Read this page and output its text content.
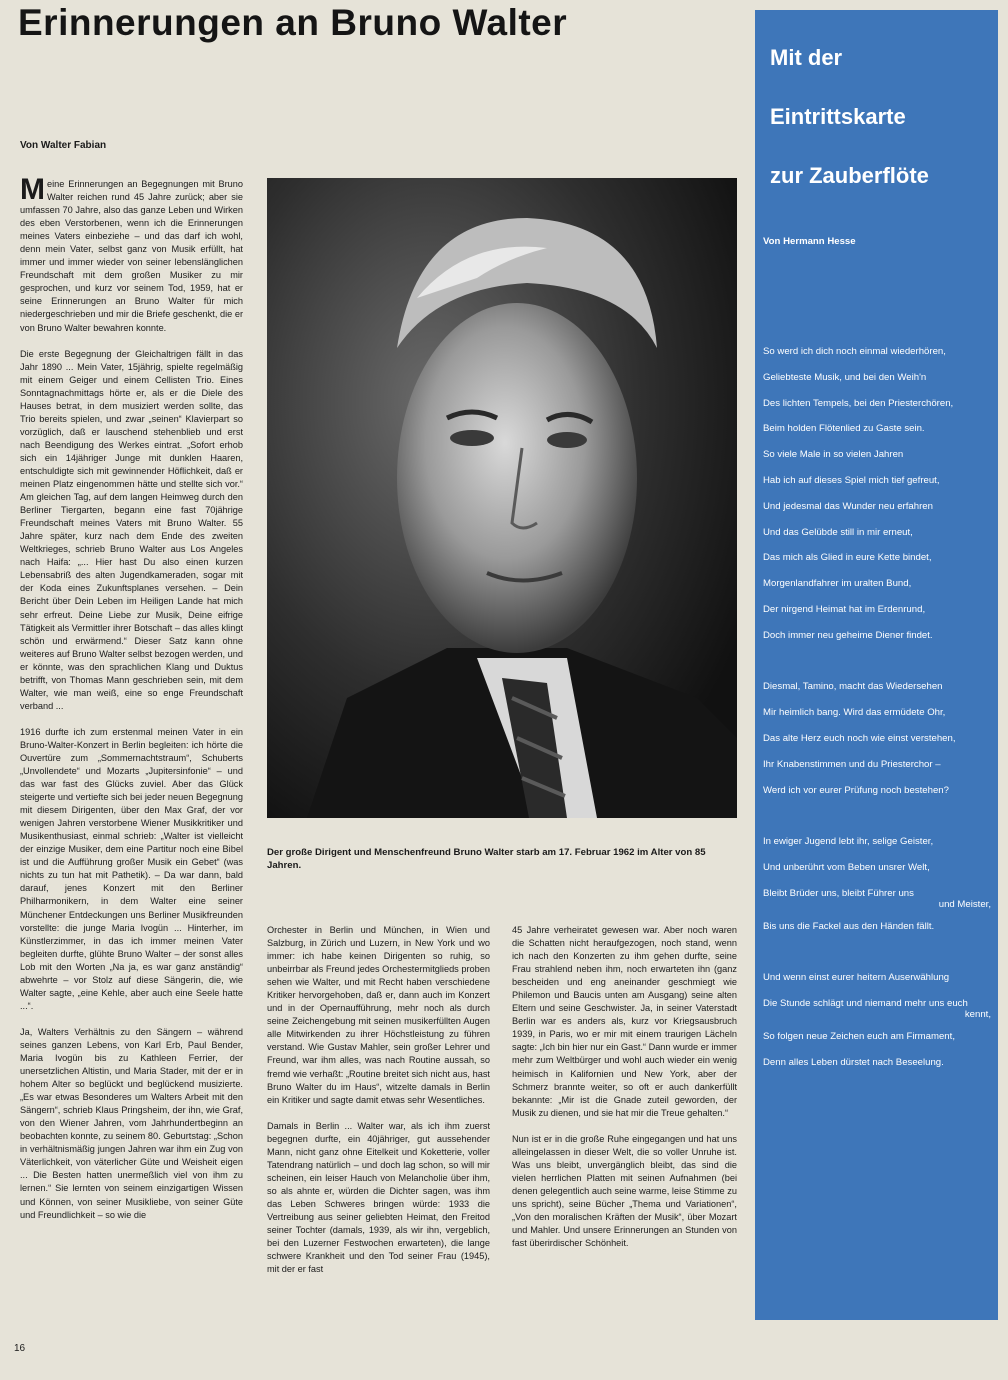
Erinnerungen an Bruno Walter
Von Walter Fabian

Meine Erinnerungen an Begegnungen mit Bruno Walter reichen rund 45 Jahre zurück; aber sie umfassen 70 Jahre, also das ganze Leben und Wirken des eben Verstorbenen, wenn ich die Erinnerungen meines Vaters einbeziehe – und das darf ich wohl, denn mein Vater, selbst ganz von Musik erfüllt, hat immer und immer wieder von seiner lebenslänglichen Freundschaft mit dem großen Musiker zu mir gesprochen, und kurz vor seinem Tod, 1959, hat er seine Erinnerungen an Bruno Walter für mich niedergeschrieben und mir die Briefe geschenkt, die er von Bruno Walter bewahren konnte.

Die erste Begegnung der Gleichaltrigen fällt in das Jahr 1890 ... Mein Vater, 15jährig, spielte regelmäßig mit einem Geiger und einem Cellisten Trio. Eines Sonntagnachmittags hörte er, als er die Diele des Hauses betrat, in dem musiziert werden sollte, das Trio bereits spielen, und zwar „seinen“ Klavierpart so vorzüglich, daß er lauschend stehenblieb und erst nach Beendigung des Werkes eintrat. „Sofort erhob sich ein 14jähriger Junge mit dunklen Haaren, entschuldigte sich mit gewinnender Höflichkeit, daß er meinen Platz eingenommen hätte und stellte sich vor.“ Am gleichen Tag, auf dem langen Heimweg durch den Berliner Tiergarten, begann eine fast 70jährige Freundschaft meines Vaters mit Bruno Walter. 55 Jahre später, kurz nach dem Ende des zweiten Weltkrieges, schrieb Bruno Walter aus Los Angeles nach Haifa: „... Hier hast Du also einen kurzen Lebensabriß des alten Jugendkameraden, sogar mit der Koda eines Zukunftsplanes versehen. – Dein Bericht über Dein Leben im Heiligen Lande hat mich sehr erfreut. Deine Liebe zur Musik, Deine eifrige Tätigkeit als Vermittler ihrer Botschaft – das alles klingt schön und erwärmend.“ Dieser Satz kann ohne weiteres auf Bruno Walter selbst bezogen werden, und er könnte, was den sprachlichen Klang und Duktus betrifft, von Thomas Mann geschrieben sein, mit dem Walter, wie man weiß, eine so enge Freundschaft verband ...

1916 durfte ich zum erstenmal meinen Vater in ein Bruno-Walter-Konzert in Berlin begleiten: ich hörte die Ouvertüre zum „Sommernachtstraum“, Schuberts „Unvollendete“ und Mozarts „Jupitersinfonie“ – und das war fast des Glücks zuviel. Aber das Glück steigerte und vertiefte sich bei jeder neuen Begegnung mit diesem Dirigenten, über den Max Graf, der vor wenigen Jahren verstorbene Wiener Musikkritiker und Musikenthusiast, einmal schrieb: „Walter ist vielleicht der einzige Musiker, dem eine Partitur noch eine Bibel ist und die Aufführung großer Musik ein Gebet“ (was nichts zu tun hat mit Pathetik). – Da war dann, bald darauf, jenes Konzert mit den Berliner Philharmonikern, in dem Walter eine seiner Münchener Entdeckungen uns Berliner Musikfreunden vorstellte: die junge Maria Ivogün ... Hinterher, im Künstlerzimmer, in das ich immer meinen Vater begleiten durfte, glühte Bruno Walter – der sonst alles Lob mit den Worten „Na ja, es war ganz anständig“ abwehrte – vor Stolz auf diese Sängerin, die, wie Walter sagte, „eine Kehle, aber auch eine Seele hatte ...“.

Ja, Walters Verhältnis zu den Sängern – während seines ganzen Lebens, von Karl Erb, Paul Bender, Maria Ivogün bis zu Kathleen Ferrier, der unersetzlichen Altistin, und Maria Stader, mit der er in hohem Alter so beglückt und beglückend musizierte. „Es war etwas Besonderes um Walters Arbeit mit den Sängern“, schrieb Klaus Pringsheim, der ihn, wie Graf, von den Wiener Jahren, vom Jahrhundertbeginn an beobachten konnte, zu seinem 80. Geburtstag: „Schon in verhältnismäßig jungen Jahren war ihm ein Zug von Väterlichkeit, von väterlicher Güte und Weisheit eigen ... Die Besten hatten unermeßlich viel von ihm zu lernen.“ Sie lernten von seinem einzigartigen Wissen und Können, von seiner Musikliebe, von seiner Güte und Freundlichkeit – so wie die

Der große Dirigent und Menschenfreund Bruno Walter starb am 17. Februar 1962 im Alter von 85 Jahren.

Orchester in Berlin und München, in Wien und Salzburg, in Zürich und Luzern, in New York und wo immer: ich habe keinen Dirigenten so ruhig, so unbeirrbar als Freund jedes Orchestermitglieds proben sehen wie Walter, und mit Recht haben verschiedene Kritiker hervorgehoben, daß er, dann auch im Konzert und in der Opernaufführung, mehr noch als durch seine Zeichengebung mit seinen musikerfüllten Augen alle Mitwirkenden zu ihrer Höchstleistung zu führen verstand. Wie Gustav Mahler, sein großer Lehrer und Freund, war ihm alles, was nach Routine aussah, so fremd wie verhaßt: „Routine breitet sich nicht aus, hast Bruno Walter du im Haus“, witzelte damals in Berlin ein Kritiker und sagte damit etwas sehr Wesentliches.

Damals in Berlin ... Walter war, als ich ihm zuerst begegnen durfte, ein 40jähriger, gut aussehender Mann, nicht ganz ohne Eitelkeit und Koketterie, voller Tatendrang natürlich – und doch lag schon, so will mir scheinen, ein leiser Hauch von Melancholie über ihm, so als ahnte er, würden die Dichter sagen, was ihm das Leben Schweres bringen würde: 1933 die Vertreibung aus seiner geliebten Heimat, den Freitod seiner Tochter (damals, 1939, als wir ihn, vergeblich, bei den Luzerner Festwochen erwarteten), die lange schwere Krankheit und den Tod seiner Frau (1945), mit der er fast

45 Jahre verheiratet gewesen war. Aber noch waren die Schatten nicht heraufgezogen, noch stand, wenn ich nach den Konzerten zu ihm gehen durfte, seine Frau strahlend neben ihm, noch erwarteten ihn (ganz bescheiden und eng aneinander geschmiegt wie Philemon und Baucis unten am Ausgang) seine alten Eltern und seine Geschwister. Ja, in seiner Vaterstadt Berlin war es anders als, kurz vor Kriegsausbruch 1939, in Paris, wo er mir mit einem traurigen Lächeln sagte: „Ich bin hier nur ein Gast.“ Dann wurde er immer mehr zum Weltbürger und wohl auch wieder ein wenig heimisch in Kalifornien und New York, aber der Schmerz brannte weiter, so oft er auch dankerfüllt bekannte: „Mir ist die Gnade zuteil geworden, der Musik zu dienen, und sie hat mir die Treue gehalten.“

Nun ist er in die große Ruhe eingegangen und hat uns alleingelassen in dieser Welt, die so voller Unruhe ist. Was uns bleibt, unvergänglich bleibt, das sind die vielen herrlichen Platten mit seinen Aufnahmen (bei denen gelegentlich auch seine warme, leise Stimme zu uns spricht), seine Bücher „Thema und Variationen“, „Von den moralischen Kräften der Musik“, über Mozart und Mahler. Und unsere Erinnerungen an Stunden von fast überirdischer Schönheit.

Mit der
Eintrittskarte
zur Zauberflöte
Von Hermann Hesse
So werd ich dich noch einmal wiederhören,
Geliebteste Musik, und bei den Weih'n
Des lichten Tempels, bei den Priesterchören,
Beim holden Flötenlied zu Gaste sein.
So viele Male in so vielen Jahren
Hab ich auf dieses Spiel mich tief gefreut,
Und jedesmal das Wunder neu erfahren
Und das Gelübde still in mir erneut,
Das mich als Glied in eure Kette bindet,
Morgenlandfahrer im uralten Bund,
Der nirgend Heimat hat im Erdenrund,
Doch immer neu geheime Diener findet.
Diesmal, Tamino, macht das Wiedersehen
Mir heimlich bang. Wird das ermüdete Ohr,
Das alte Herz euch noch wie einst verstehen,
Ihr Knabenstimmen und du Priesterchor –
Werd ich vor eurer Prüfung noch bestehen?
In ewiger Jugend lebt ihr, selige Geister,
Und unberührt vom Beben unsrer Welt,
Bleibt Brüder uns, bleibt Führer uns
und Meister,
Bis uns die Fackel aus den Händen fällt.
Und wenn einst eurer heitern Auserwählung
Die Stunde schlägt und niemand mehr uns euch
kennt,
So folgen neue Zeichen euch am Firmament,
Denn alles Leben dürstet nach Beseelung.
16
